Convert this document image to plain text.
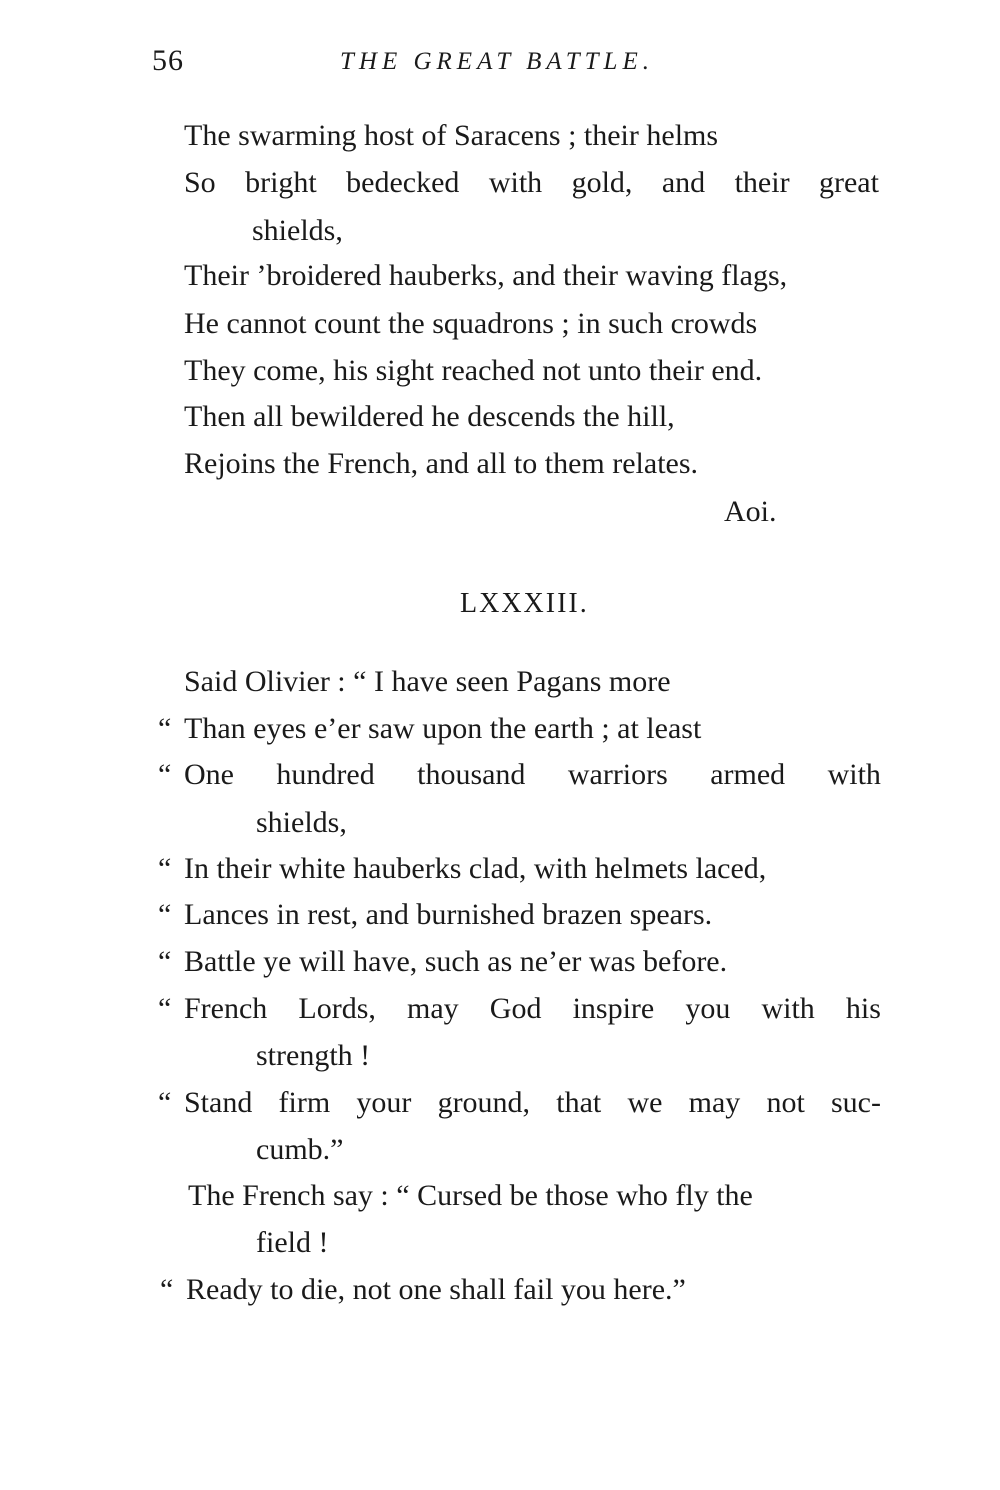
56	THE GREAT BATTLE.
The swarming host of Saracens ; their helms
So bright bedecked with gold, and their great
shields,
Their ’broidered hauberks, and their waving flags,
He cannot count the squadrons ; in such crowds
They come, his sight reached not unto their end.
Then all bewildered he descends the hill,
Rejoins the French, and all to them relates.
Aoi.
LXXXIII.
Said Olivier : “ I have seen Pagans more
“ Than eyes e’er saw upon the earth ; at least
“ One hundred thousand warriors armed with
shields,
“ In their white hauberks clad, with helmets laced,
“ Lances in rest, and burnished brazen spears.
“ Battle ye will have, such as ne’er was before.
“ French Lords, may God inspire you with his
strength !
“ Stand firm your ground, that we may not suc-
cumb.”
The French say : “ Cursed be those who fly the
field !
“ Ready to die, not one shall fail you here.”
